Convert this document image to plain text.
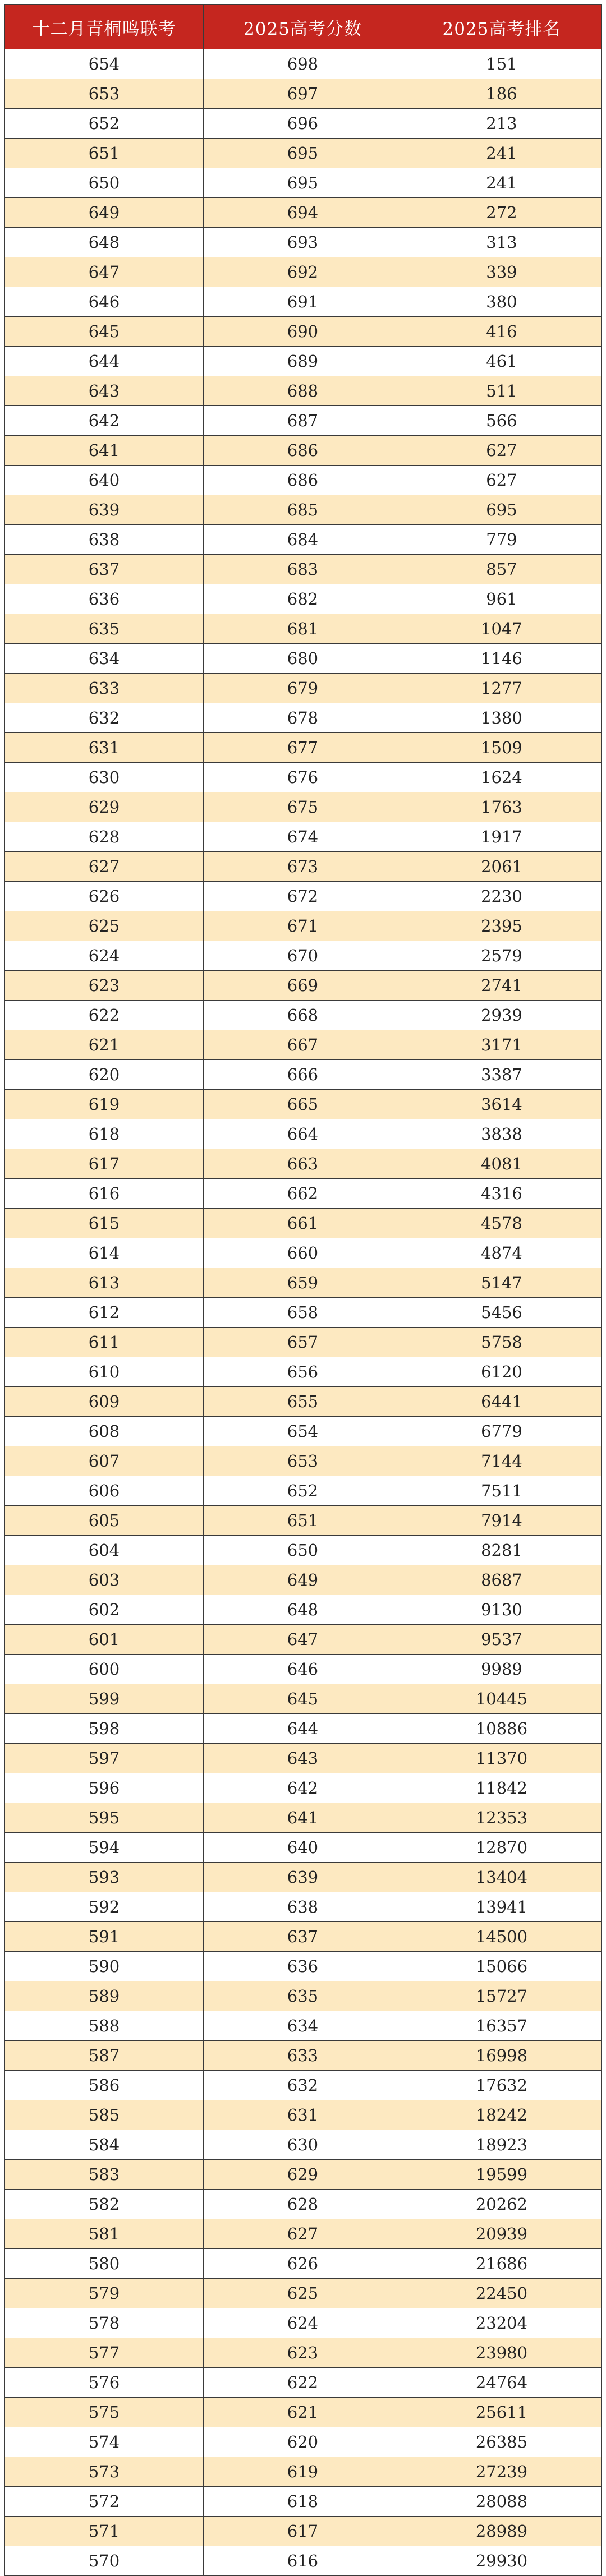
十二月青桐鸣联考	2025高考分数	2025高考排名
654	698	151
653	697	186
652	696	213
651	695	241
650	695	241
649	694	272
648	693	313
647	692	339
646	691	380
645	690	416
644	689	461
643	688	511
642	687	566
641	686	627
640	686	627
639	685	695
638	684	779
637	683	857
636	682	961
635	681	1047
634	680	1146
633	679	1277
632	678	1380
631	677	1509
630	676	1624
629	675	1763
628	674	1917
627	673	2061
626	672	2230
625	671	2395
624	670	2579
623	669	2741
622	668	2939
621	667	3171
620	666	3387
619	665	3614
618	664	3838
617	663	4081
616	662	4316
615	661	4578
614	660	4874
613	659	5147
612	658	5456
611	657	5758
610	656	6120
609	655	6441
608	654	6779
607	653	7144
606	652	7511
605	651	7914
604	650	8281
603	649	8687
602	648	9130
601	647	9537
600	646	9989
599	645	10445
598	644	10886
597	643	11370
596	642	11842
595	641	12353
594	640	12870
593	639	13404
592	638	13941
591	637	14500
590	636	15066
589	635	15727
588	634	16357
587	633	16998
586	632	17632
585	631	18242
584	630	18923
583	629	19599
582	628	20262
581	627	20939
580	626	21686
579	625	22450
578	624	23204
577	623	23980
576	622	24764
575	621	25611
574	620	26385
573	619	27239
572	618	28088
571	617	28989
570	616	29930
